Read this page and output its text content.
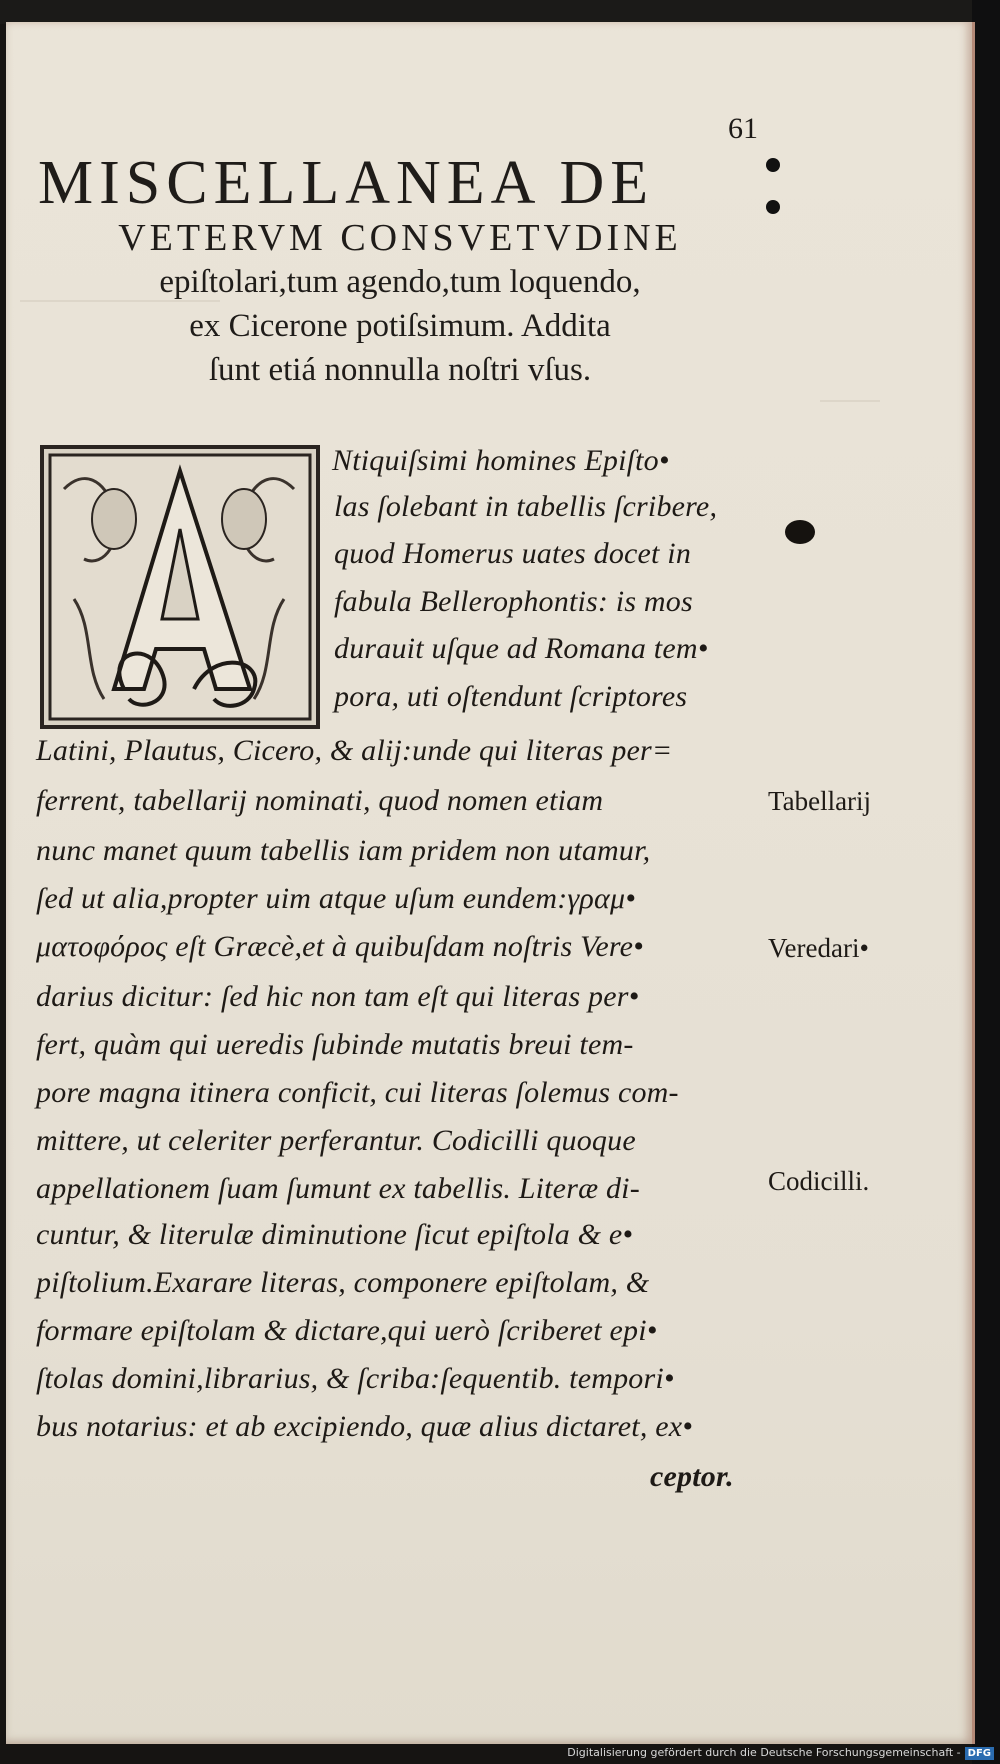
61
MISCELLANEA DE
VETERVM CONSVETVDINE
epiſtolari,tum agendo,tum loquendo,
ex Cicerone potiſsimum. Addita
ſunt etiá nonnulla noſtri vſus.
Ntiquiſsimi homines Epiſto•
las ſolebant in tabellis ſcribere,
quod Homerus uates docet in
fabula Bellerophontis: is mos
durauit uſque ad Romana tem•
pora, uti oſtendunt ſcriptores
Latini, Plautus, Cicero, & alij:unde qui literas per=
ferrent, tabellarij nominati, quod nomen etiam
nunc manet quum tabellis iam pridem non utamur,
ſed ut alia,propter uim atque uſum eundem:γραμ•
ματοφόρος eſt Græcè,et à quibuſdam noſtris Vere•
darius dicitur: ſed hic non tam eſt qui literas per•
fert, quàm qui ueredis ſubinde mutatis breui tem-
pore magna itinera conficit, cui literas ſolemus com-
mittere, ut celeriter perferantur. Codicilli quoque
appellationem ſuam ſumunt ex tabellis. Literæ di-
cuntur, & literulæ diminutione ſicut epiſtola & e•
piſtolium.Exarare literas, componere epiſtolam, &
formare epiſtolam & dictare,qui uerò ſcriberet epi•
ſtolas domini,librarius, & ſcriba:ſequentib. tempori•
bus notarius: et ab excipiendo, quæ alius dictaret, ex•
ceptor.
Tabellarij
Veredari•
Codicilli.
Digitalisierung gefördert durch die Deutsche Forschungsgemeinschaft - DFG
